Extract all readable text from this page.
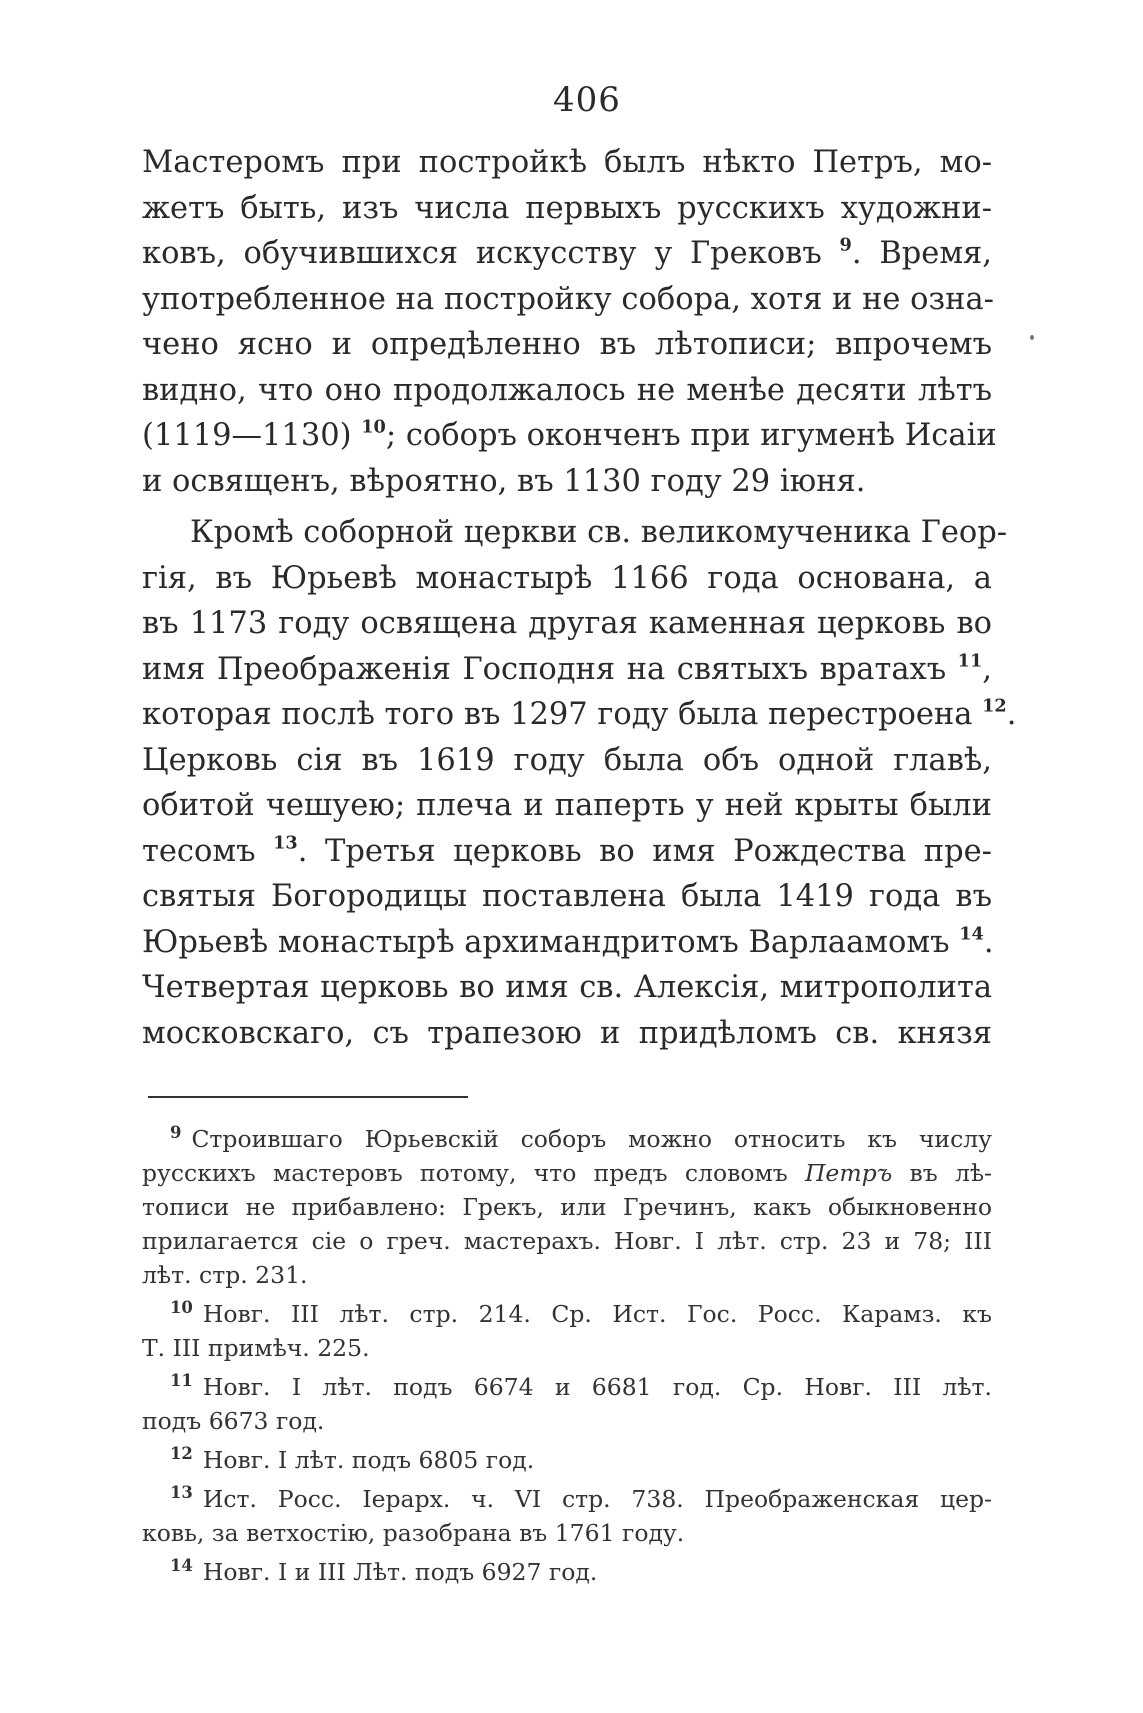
406
Мастеромъ при постройкѣ былъ нѣкто Петръ, мо-
жетъ быть, изъ числа первыхъ русскихъ художни-
ковъ, обучившихся искусству у Грековъ $^9$. Время,
употребленное на постройку собора, хотя и не озна-
чено ясно и опредѣленно въ лѣтописи; впрочемъ
видно, что оно продолжалось не менѣе десяти лѣтъ
(1119—1130) $^{10}$; соборъ оконченъ при игуменѣ Исаіи
и освященъ, вѣроятно, въ 1130 году 29 іюня.
Кромѣ соборной церкви св. великомученика Геор-
гія, въ Юрьевѣ монастырѣ 1166 года основана, а
въ 1173 году освящена другая каменная церковь во
имя Преображенія Господня на святыхъ вратахъ $^{11}$,
которая послѣ того въ 1297 году была перестроена $^{12}$.
Церковь сія въ 1619 году была объ одной главѣ,
обитой чешуею; плеча и паперть у ней крыты были
тесомъ $^{13}$. Третья церковь во имя Рождества пре-
святыя Богородицы поставлена была 1419 года въ
Юрьевѣ монастырѣ архимандритомъ Варлаамомъ $^{14}$.
Четвертая церковь во имя св. Алексія, митрополита
московскаго, съ трапезою и придѣломъ св. князя
$^9$ Строившаго Юрьевскій соборъ можно относить къ числу
русскихъ мастеровъ потому, что предъ словомъ Петръ въ лѣ-
тописи не прибавлено: Грекъ, или Гречинъ, какъ обыкновенно
прилагается сіе о греч. мастерахъ. Новг. I лѣт. стр. 23 и 78; III
лѣт. стр. 231.
$^{10}$ Новг. III лѣт. стр. 214. Ср. Ист. Гос. Росс. Карамз. къ
Т. III примѣч. 225.
$^{11}$ Новг. I лѣт. подъ 6674 и 6681 год. Ср. Новг. III лѣт.
подъ 6673 год.
$^{12}$ Новг. I лѣт. подъ 6805 год.
$^{13}$ Ист. Росс. Іерарх. ч. VI стр. 738. Преображенская цер-
ковь, за ветхостію, разобрана въ 1761 году.
$^{14}$ Новг. I и III Лѣт. подъ 6927 год.
